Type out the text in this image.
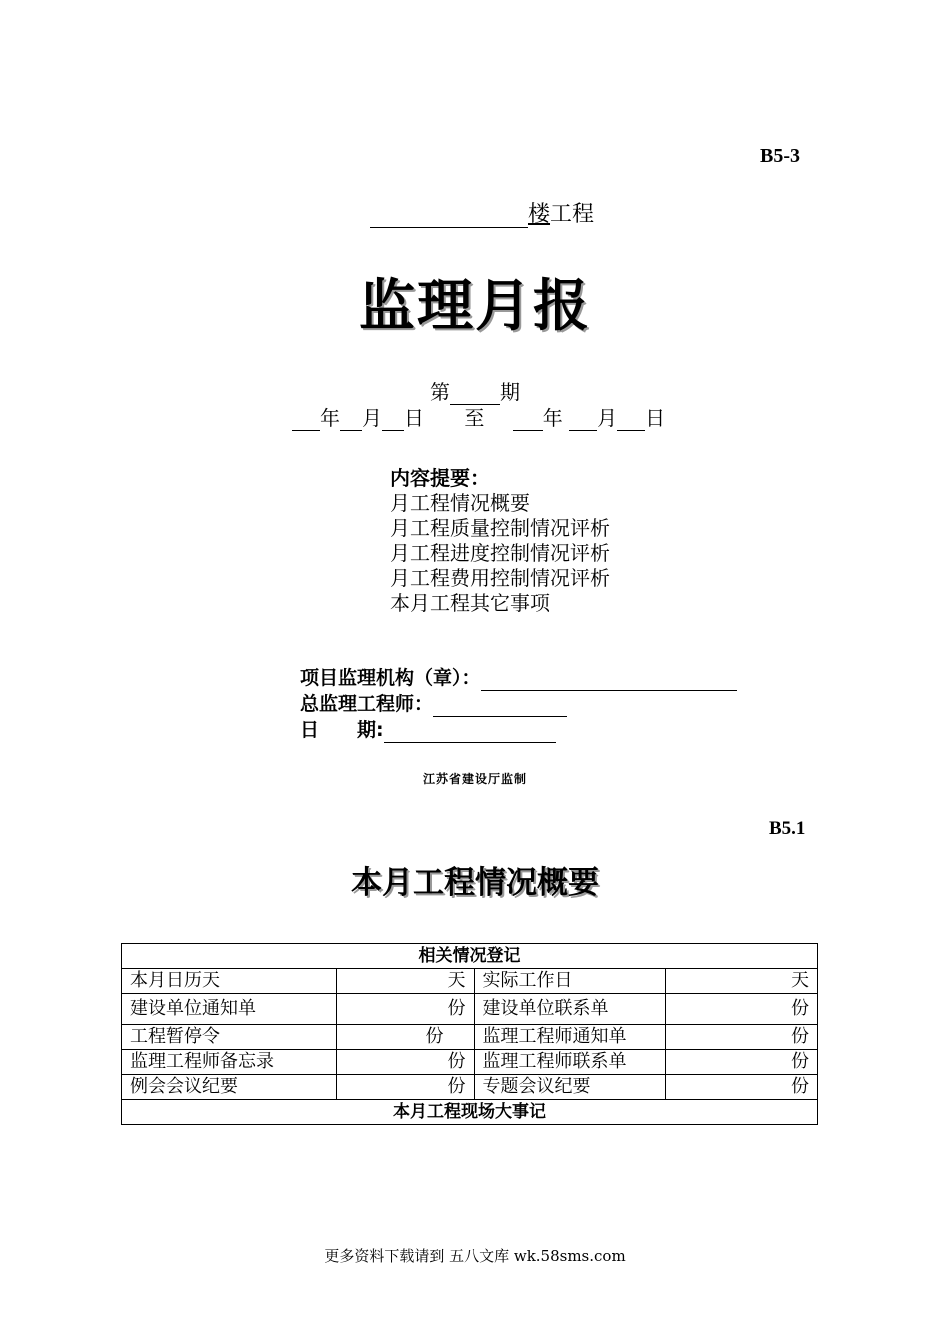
B5-3
楼工程
监理月报
第	期
年 月 日 至	年 月 日
内容提要：
月工程情况概要
月工程质量控制情况评析
月工程进度控制情况评析
月工程费用控制情况评析
本月工程其它事项
项目监理机构（章）：
总监理工程师：
日　　期:
江苏省建设厅监制
B5.1
本月工程情况概要
相关情况登记			
本月日历天	天	实际工作日	天
建设单位通知单	份	建设单位联系单	份
工程暂停令	份	监理工程师通知单	份
监理工程师备忘录	份	监理工程师联系单	份
例会会议纪要	份	专题会议纪要	份
本月工程现场大事记			
更多资料下载请到 五八文库 wk.58sms.com
